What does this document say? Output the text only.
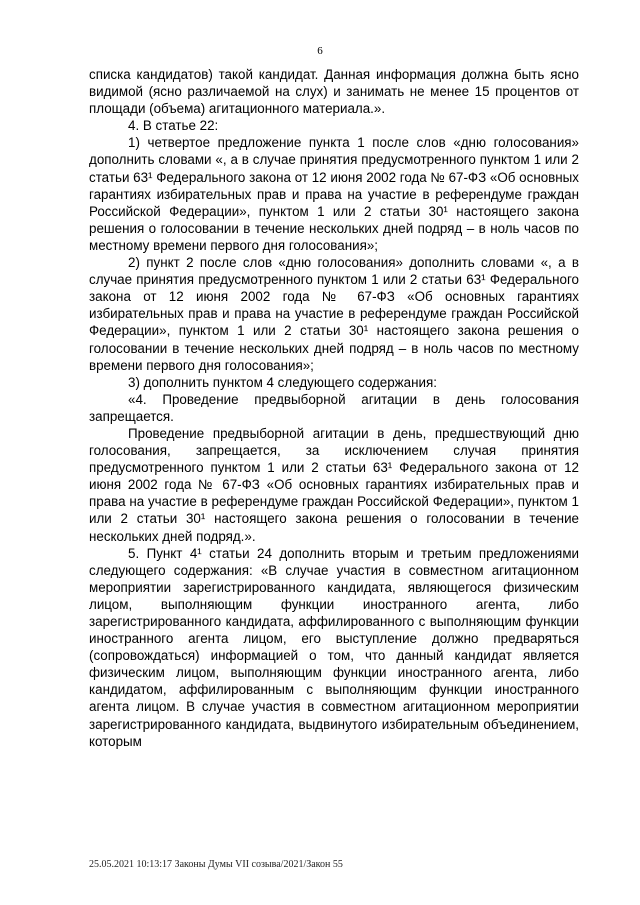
6

списка кандидатов) такой кандидат. Данная информация должна быть ясно видимой (ясно различаемой на слух) и занимать не менее 15 процентов от площади (объема) агитационного материала.».

4. В статье 22:

1) четвертое предложение пункта 1 после слов «дню голосования» дополнить словами «, а в случае принятия предусмотренного пунктом 1 или 2 статьи 63¹ Федерального закона от 12 июня 2002 года № 67-ФЗ «Об основных гарантиях избирательных прав и права на участие в референдуме граждан Российской Федерации», пунктом 1 или 2 статьи 30¹ настоящего закона решения о голосовании в течение нескольких дней подряд – в ноль часов по местному времени первого дня голосования»;

2) пункт 2 после слов «дню голосования» дополнить словами «, а в случае принятия предусмотренного пунктом 1 или 2 статьи 63¹ Федерального закона от 12 июня 2002 года № 67-ФЗ «Об основных гарантиях избирательных прав и права на участие в референдуме граждан Российской Федерации», пунктом 1 или 2 статьи 30¹ настоящего закона решения о голосовании в течение нескольких дней подряд – в ноль часов по местному времени первого дня голосования»;

3) дополнить пунктом 4 следующего содержания:

«4. Проведение предвыборной агитации в день голосования запрещается.

Проведение предвыборной агитации в день, предшествующий дню голосования, запрещается, за исключением случая принятия предусмотренного пунктом 1 или 2 статьи 63¹ Федерального закона от 12 июня 2002 года № 67-ФЗ «Об основных гарантиях избирательных прав и права на участие в референдуме граждан Российской Федерации», пунктом 1 или 2 статьи 30¹ настоящего закона решения о голосовании в течение нескольких дней подряд.».

5. Пункт 4¹ статьи 24 дополнить вторым и третьим предложениями следующего содержания: «В случае участия в совместном агитационном мероприятии зарегистрированного кандидата, являющегося физическим лицом, выполняющим функции иностранного агента, либо зарегистрированного кандидата, аффилированного с выполняющим функции иностранного агента лицом, его выступление должно предваряться (сопровождаться) информацией о том, что данный кандидат является физическим лицом, выполняющим функции иностранного агента, либо кандидатом, аффилированным с выполняющим функции иностранного агента лицом. В случае участия в совместном агитационном мероприятии зарегистрированного кандидата, выдвинутого избирательным объединением, которым

25.05.2021 10:13:17 Законы Думы VII созыва/2021/Закон 55
